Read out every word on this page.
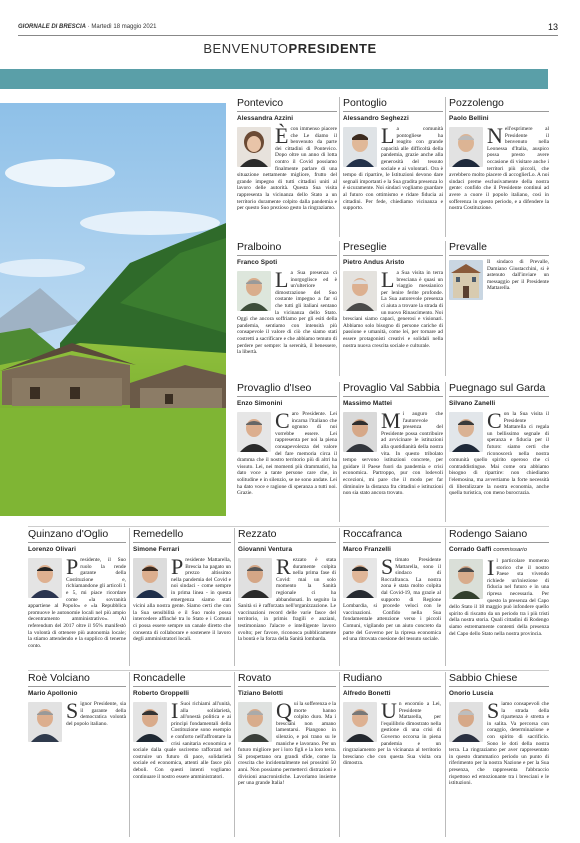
GIORNALE DI BRESCIA · Martedì 18 maggio 2021	13
BENVENUTOPRESIDENTE
Pontevico
Alessandra Azzini
Ècon immenso piacere che Le diamo il benvenuto da parte dei cittadini di Pontevico. Dopo oltre un anno di lotta contro il Covid possiamo finalmente parlare di una situazione nettamente migliore, frutto del grande impegno di tutti cittadini uniti al lavoro delle autorità. Questa Sua visita rappresenta la vicinanza dello Stato a un territorio duramente colpito dalla pandemia e per questo Suo prezioso gesto la ringraziamo.
Pontoglio
Alessandro Seghezzi
La comunità pontogliese ha reagito con grande capacità alle difficoltà della pandemia, grazie anche alla generosità del tessuto sociale e ai volontari. Ora è tempo di ripartire, le Istituzioni devono dare segnali importanti e la Sua gradita presenza lo è sicuramente. Noi sindaci vogliamo guardare al futuro con ottimismo e ridare fiducia ai cittadini. Per fede, chiediamo vicinanza e supporto.
Pozzolengo
Paolo Bellini
Nell'esprimere al Presidente il benvenuto nella Leonessa d'Italia, auspico possa presto avere occasione di visitare anche i territori più piccoli, che avrebbero molto piacere di accoglierLo. A noi sindaci preme esclusivamente della nostra gente: confido che il Presidente continui ad avere a cuore il popolo italiano, così in sofferenza in questo periodo, e a difendere la nostra Costituzione.
Pralboino
Franco Spoti
La Sua presenza ci inorgoglisce ed è un'ulteriore dimostrazione del Suo costante impegno a far sì che tutti gli italiani sentano la vicinanza dello Stato. Oggi che ancora soffriamo per gli esiti della pandemia, sentiamo con intensità più consapevole il valore di ciò che siamo stati costretti a sacrificare e che abbiamo temuto di perdere per sempre: la serenità, il benessere, la libertà.
Preseglie
Pietro Andus Aristo
La Sua visita in terra bresciana è quasi un viaggio messianico per lenire ferite profonde. La Sua autorevole presenza ci aiuta a trovare la strada di un nuovo Rinascimento. Noi bresciani siamo capaci, generosi e visionari. Abbiamo solo bisogno di persone cariche di passione e umanità, come lei, per tornare ad essere protagonisti creativi e solidali nella nostra nuova crescita sociale e culturale.
Prevalle
Il sindaco di Prevalle, Damiano Giustacchini, si è astenuto dall'inviare un messaggio per il Presidente Mattarella.
Provaglio d'Iseo
Enzo Simonini
Caro Presidente. Lei incarna l'italiano che ognuno di noi vorrebbe essere. Lei rappresenta per noi la piena consapevolezza del valore del fare memoria circa il dramma che il nostro territorio più di altri ha vissuto. Lei, nei momenti più drammatici, ha dato voce a tante persone care che, in solitudine e in silenzio, se ne sono andate. Lei ha dato voce e ragione di speranza a tutti noi. Grazie.
Provaglio Val Sabbia
Massimo Mattei
Mi auguro che l'autorevole presenza del Presidente possa contribuire ad avvicinare le istituzioni alla quotidianità della nostra vita. In questo tribolato tempo servono istituzioni concrete, per guidare il Paese fuori da pandemia e crisi economica. Partroppo, pur con lodevoli eccezioni, mi pare che il modo per far diminuire la distanza fra cittadini e istituzioni non sia stato ancora trovato.
Puegnago sul Garda
Silvano Zanelli
Con la Sua visita il Presidente Mattarella ci regala un bellissimo segnale di speranza e fiducia per il futuro: siamo certi che riconoscerà nella nostra comunità quello spirito operoso che ci contraddistingue. Mai come ora abbiamo bisogno di ripartire: non chiediamo l'elemosina, ma avvertiamo la forte necessità di liberalizzare la nostra economia, anche quella turistica, con meno burocrazia.
Quinzano d'Oglio
Lorenzo Olivari
Presidente, il Suo ruolo la rende garante della Costituzione e, richiamandone gli articoli 1 e 5, mi piace ricordare come «la sovranità appartiene al Popolo» e «la Repubblica promuove le autonomie locali nel più ampio decentramento amministrativo». Al referendum del 2017 oltre il 95% manifestò la volontà di ottenere più autonomia locale; la stiamo attendendo e la supplico di tenerne conto.
Remedello
Simone Ferrari
Presidente Mattarella, Brescia ha pagato un prezzo altissimo nella pandemia del Covid e noi sindaci - come sempre in prima linea - in questa emergenza siamo stati vicini alla nostra gente. Siamo certi che con la Sua sensibilità e il Suo ruolo possa intercedere affinché tra lo Stato e i Comuni ci possa essere sempre un canale diretto che consenta di collaborare e sostenere il lavoro degli amministratori locali.
Rezzato
Giovanni Ventura
Rezzato è stata duramente colpita nella prima fase di Covid: mai un solo momento la Sanità regionale ci ha abbandonati. In seguito la Sanità si è rafforzata nell'organizzazione. Le vaccinazioni record delle varie fasce del territorio, in primis fragili e anziani, testimoniano l'alacre e intelligente lavoro svolto; per favore, riconosca pubblicamente la bontà e la forza della Sanità lombarda.
Roccafranca
Marco Franzelli
Stimato Presidente Mattarella, sono il sindaco di Roccafranca. La nostra zona è stata molto colpita dal Covid-19, ma grazie al supporto di Regione Lombardia, si procede veloci con le vaccinazioni. Confido nella Sua fondamentale attenzione verso i piccoli Comuni, vigilando per un aiuto concreto da parte del Governo per la ripresa economica ed una ritrovata coesione del tessuto sociale.
Rodengo Saiano
Corrado Gaffi commissario
Il particolare momento storico che il nostro Paese sta vivendo richiede un'iniezione di fiducia nel futuro e in una ripresa necessaria. Per questo la presenza del Capo dello Stato il 18 maggio può infondere quello spirito di riscatto da un periodo tra i più tristi della nostra storia. Quali cittadini di Rodengo siamo estremamente contenti della presenza del Capo dello Stato nella nostra provincia.
Roè Volciano
Mario Apollonio
Signor Presidente, sia il garante della democratica volontà del popolo italiano.
Roncadelle
Roberto Groppelli
I Suoi richiami all'unità, alla solidarietà, all'onestà politica e ai principi fondamentali della Costituzione sono esempio e conforto nell'affrontare la crisi sanitaria economica e sociale dalla quale usciremo rafforzati nel costruire un futuro di pace, solidarietà sociale ed economica, attenti alle fasce più deboli. Con questi intenti vogliamo continuare il nostro essere amministratori.
Rovato
Tiziano Belotti
Qui la sofferenza e la morte hanno colpito duro. Ma i bresciani non amano lamentarsi. Piangono in silenzio, e poi trano su le maniche e lavorano. Per un futuro migliore per i loro figli e la loro terra. Si prospettano ora grandi sfide, come la crescita che incidentalmente nei prossimi 50 anni. Non possiamo permetterci distrazioni e divisioni anacronistiche. Lavoriamo insieme per una grande Italia!
Rudiano
Alfredo Bonetti
Un encomio a Lei, Presidente Mattarella, per l'equilibrio dimostrato nella gestione di una crisi di Governo occorsa in piena pandemia e un ringraziamento per la vicinanza al territorio bresciano che con questa Sua visita ora dimostra.
Sabbio Chiese
Onorio Luscia
Siamo consapevoli che la strada della ripartenza è stretta e in salita. Va percorsa con coraggio, determinazione e con spirito di sacrificio. Sono le doti della nostra terra. La ringraziamo per aver rappresentato in questo drammatico periodo un punto di riferimento per la nostra Nazione e per la Sua presenza, che rappresenta l'abbraccio rispettoso ed emozionante tra i bresciani e le istituzioni.
